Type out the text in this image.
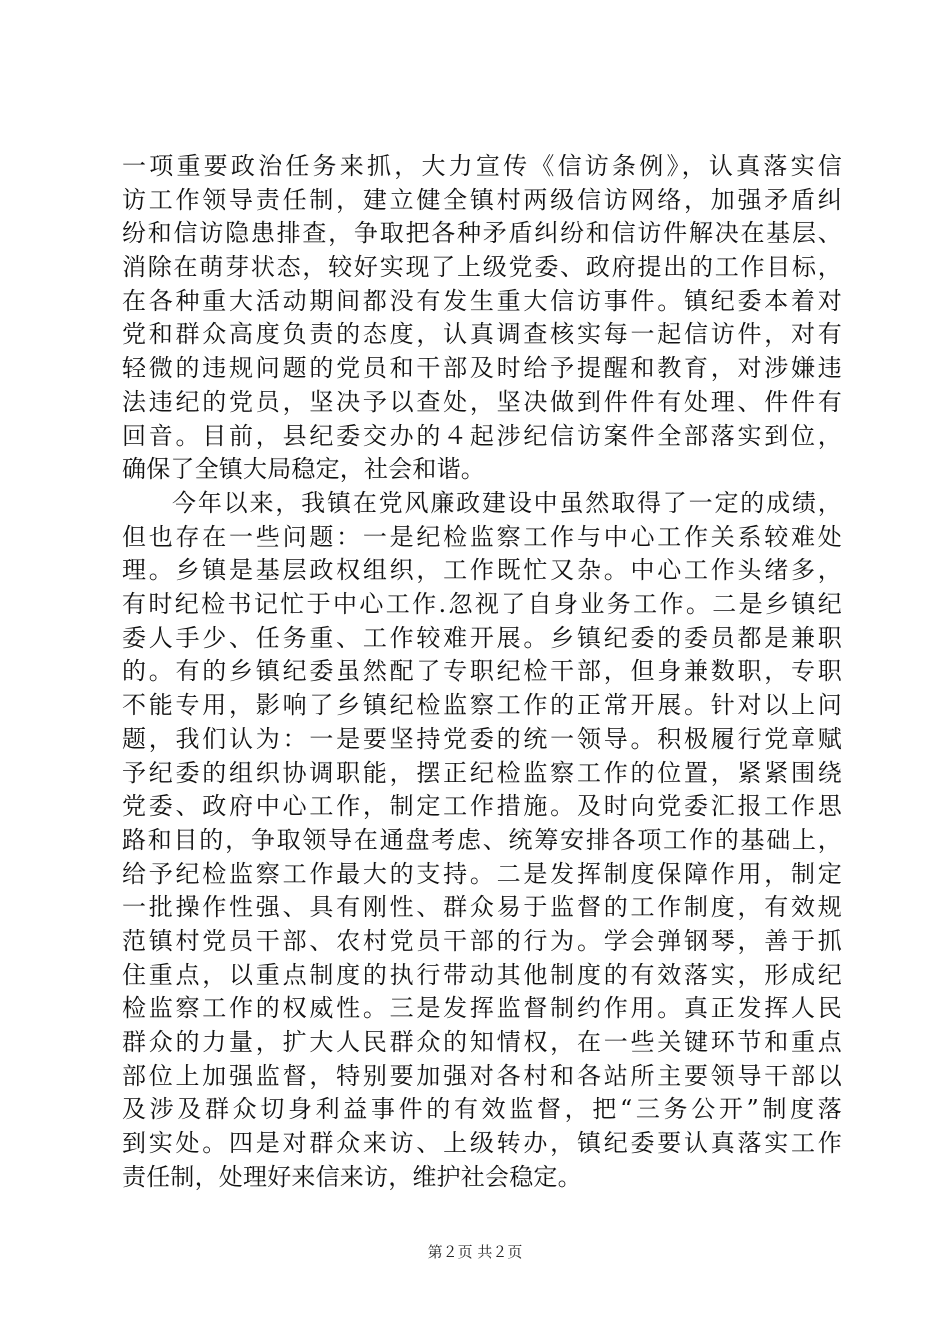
一项重要政治任务来抓，大力宣传《信访条例》，认真落实信
访工作领导责任制，建立健全镇村两级信访网络，加强矛盾纠
纷和信访隐患排查，争取把各种矛盾纠纷和信访件解决在基层、
消除在萌芽状态，较好实现了上级党委、政府提出的工作目标，
在各种重大活动期间都没有发生重大信访事件。镇纪委本着对
党和群众高度负责的态度，认真调查核实每一起信访件，对有
轻微的违规问题的党员和干部及时给予提醒和教育，对涉嫌违
法违纪的党员，坚决予以查处，坚决做到件件有处理、件件有
回音。目前，县纪委交办的４起涉纪信访案件全部落实到位，
确保了全镇大局稳定，社会和谐。
今年以来，我镇在党风廉政建设中虽然取得了一定的成绩，
但也存在一些问题：一是纪检监察工作与中心工作关系较难处
理。乡镇是基层政权组织，工作既忙又杂。中心工作头绪多，
有时纪检书记忙于中心工作.忽视了自身业务工作。二是乡镇纪
委人手少、任务重、工作较难开展。乡镇纪委的委员都是兼职
的。有的乡镇纪委虽然配了专职纪检干部，但身兼数职，专职
不能专用，影响了乡镇纪检监察工作的正常开展。针对以上问
题，我们认为：一是要坚持党委的统一领导。积极履行党章赋
予纪委的组织协调职能，摆正纪检监察工作的位置，紧紧围绕
党委、政府中心工作，制定工作措施。及时向党委汇报工作思
路和目的，争取领导在通盘考虑、统筹安排各项工作的基础上，
给予纪检监察工作最大的支持。二是发挥制度保障作用，制定
一批操作性强、具有刚性、群众易于监督的工作制度，有效规
范镇村党员干部、农村党员干部的行为。学会弹钢琴，善于抓
住重点，以重点制度的执行带动其他制度的有效落实，形成纪
检监察工作的权威性。三是发挥监督制约作用。真正发挥人民
群众的力量，扩大人民群众的知情权，在一些关键环节和重点
部位上加强监督，特别要加强对各村和各站所主要领导干部以
及涉及群众切身利益事件的有效监督，把“三务公开”制度落
到实处。四是对群众来访、上级转办，镇纪委要认真落实工作
责任制，处理好来信来访，维护社会稳定。
第２页 共２页
